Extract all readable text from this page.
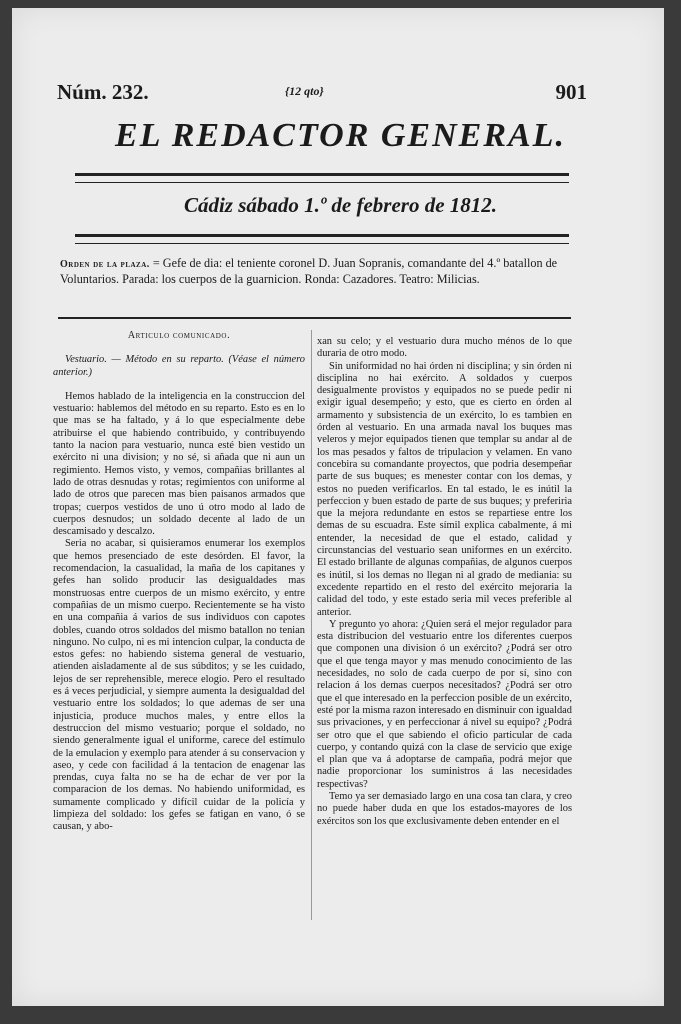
Núm. 232.	{12 qto}	901
EL REDACTOR GENERAL.
Cádiz sábado 1.º de febrero de 1812.
Orden de la plaza. = Gefe de dia: el teniente coronel D. Juan Sopranis, comandante del 4.º batallon de Voluntarios. Parada: los cuerpos de la guarnicion. Ronda: Cazadores. Teatro: Milicias.

Articulo comunicado.

Vestuario. — Método en su reparto. (Véase el número anterior.)

Hemos hablado de la inteligencia en la construccion del vestuario: hablemos del método en su reparto. Esto es en lo que mas se ha faltado, y á lo que especialmente debe atribuirse el que habiendo contribuido, y contribuyendo tanto la nacion para vestuario, nunca esté bien vestido un exército ni una division; y no sé, si añada que ni aun un regimiento. Hemos visto, y vemos, compañias brillantes al lado de otras desnudas y rotas; regimientos con uniforme al lado de otros que parecen mas bien paisanos armados que tropas; cuerpos vestidos de uno ú otro modo al lado de cuerpos desnudos; un soldado decente al lado de un descamisado y descalzo.

Seria no acabar, si quisieramos enumerar los exemplos que hemos presenciado de este desórden. El favor, la recomendacion, la casualidad, la maña de los capitanes y gefes han solido producir las desigualdades mas monstruosas entre cuerpos de un mismo exército, y entre compañias de un mismo cuerpo. Recientemente se ha visto en una compañia á varios de sus individuos con capotes dobles, cuando otros soldados del mismo batallon no tenian ninguno. No culpo, ni es mi intencion culpar, la conducta de estos gefes: no habiendo sistema general de vestuario, atienden aisladamente al de sus súbditos; y se les cuidado, lejos de ser reprehensible, merece elogio. Pero el resultado es á veces perjudicial, y siempre aumenta la desigualdad del vestuario entre los soldados; lo que ademas de ser una injusticia, produce muchos males, y entre ellos la destruccion del mismo vestuario; porque el soldado, no siendo generalmente igual el uniforme, carece del estímulo de la emulacion y exemplo para atender á su conservacion y aseo, y cede con facilidad á la tentacion de enagenar las prendas, cuya falta no se ha de echar de ver por la comparacion de los demas. No habiendo uniformidad, es sumamente complicado y difícil cuidar de la policía y limpieza del soldado: los gefes se fatigan en vano, ó se causan, y abo-

xan su celo; y el vestuario dura mucho ménos de lo que duraria de otro modo.

Sin uniformidad no hai órden ni disciplina; y sin órden ni disciplina no hai exército. A soldados y cuerpos desigualmente provistos y equipados no se puede pedir ni exigir igual desempeño; y esto, que es cierto en órden al armamento y subsistencia de un exército, lo es tambien en órden al vestuario. En una armada naval los buques mas veleros y mejor equipados tienen que templar su andar al de los mas pesados y faltos de tripulacion y velamen. En vano concebira su comandante proyectos, que podria desempeñar parte de sus buques; es menester contar con los demas, y estos no pueden verificarlos. En tal estado, le es inútil la perfeccion y buen estado de parte de sus buques; y preferiria que la mejora redundante en estos se repartiese entre los demas de su escuadra. Este símil explica cabalmente, á mi entender, la necesidad de que el estado, calidad y circunstancias del vestuario sean uniformes en un exército. El estado brillante de algunas compañias, de algunos cuerpos es inútil, si los demas no llegan ni al grado de mediania: su excedente repartido en el resto del exército mejoraria la calidad del todo, y este estado seria mil veces preferible al anterior.

Y pregunto yo ahora: ¿Quien será el mejor regulador para esta distribucion del vestuario entre los diferentes cuerpos que componen una division ó un exército? ¿Podrá ser otro que el que tenga mayor y mas menudo conocimiento de las necesidades, no solo de cada cuerpo de por sí, sino con relacion á los demas cuerpos necesitados? ¿Podrá ser otro que el que interesado en la perfeccion posible de un exército, esté por la misma razon interesado en disminuir con igualdad sus privaciones, y en perfeccionar á nivel su equipo? ¿Podrá ser otro que el que sabiendo el oficio particular de cada cuerpo, y contando quizá con la clase de servicio que exige el plan que va á adoptarse de campaña, podrá mejor que nadie proporcionar los suministros á las necesidades respectivas?

Temo ya ser demasiado largo en una cosa tan clara, y creo no puede haber duda en que los estados-mayores de los exércitos son los que exclusivamente deben entender en el
